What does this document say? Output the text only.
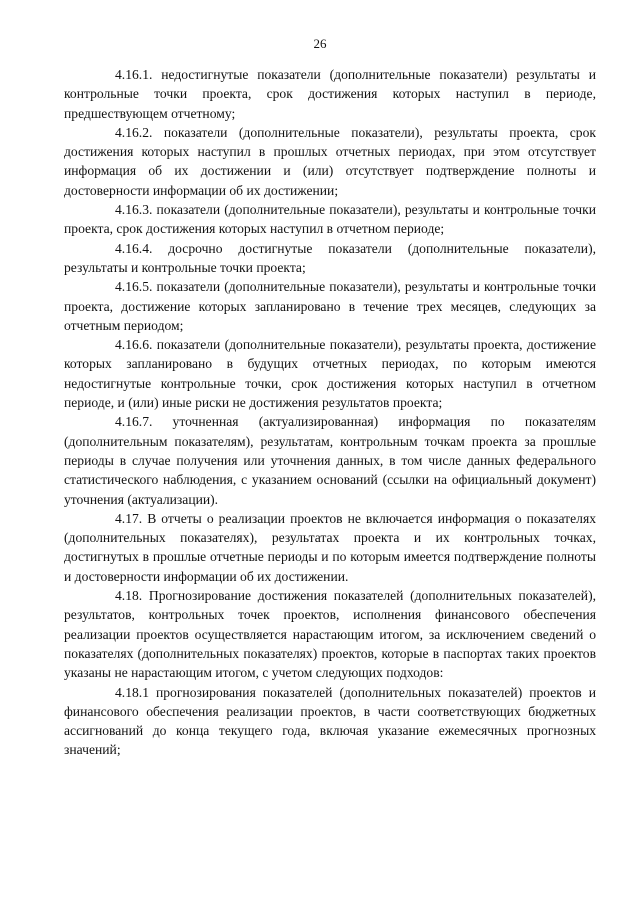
26

4.16.1. недостигнутые показатели (дополнительные показатели) результаты и контрольные точки проекта, срок достижения которых наступил в периоде, предшествующем отчетному;

4.16.2. показатели (дополнительные показатели), результаты проекта, срок достижения которых наступил в прошлых отчетных периодах, при этом отсутствует информация об их достижении и (или) отсутствует подтверждение полноты и достоверности информации об их достижении;

4.16.3. показатели (дополнительные показатели), результаты и контрольные точки проекта, срок достижения которых наступил в отчетном периоде;

4.16.4. досрочно достигнутые показатели (дополнительные показатели), результаты и контрольные точки проекта;

4.16.5. показатели (дополнительные показатели), результаты и контрольные точки проекта, достижение которых запланировано в течение трех месяцев, следующих за отчетным периодом;

4.16.6. показатели (дополнительные показатели), результаты проекта, достижение которых запланировано в будущих отчетных периодах, по которым имеются недостигнутые контрольные точки, срок достижения которых наступил в отчетном периоде, и (или) иные риски не достижения результатов проекта;

4.16.7. уточненная (актуализированная) информация по показателям (дополнительным показателям), результатам, контрольным точкам проекта за прошлые периоды в случае получения или уточнения данных, в том числе данных федерального статистического наблюдения, с указанием оснований (ссылки на официальный документ) уточнения (актуализации).

4.17. В отчеты о реализации проектов не включается информация о показателях (дополнительных показателях), результатах проекта и их контрольных точках, достигнутых в прошлые отчетные периоды и по которым имеется подтверждение полноты и достоверности информации об их достижении.

4.18. Прогнозирование достижения показателей (дополнительных показателей), результатов, контрольных точек проектов, исполнения финансового обеспечения реализации проектов осуществляется нарастающим итогом, за исключением сведений о показателях (дополнительных показателях) проектов, которые в паспортах таких проектов указаны не нарастающим итогом, с учетом следующих подходов:

4.18.1 прогнозирования показателей (дополнительных показателей) проектов и финансового обеспечения реализации проектов, в части соответствующих бюджетных ассигнований до конца текущего года, включая указание ежемесячных прогнозных значений;
